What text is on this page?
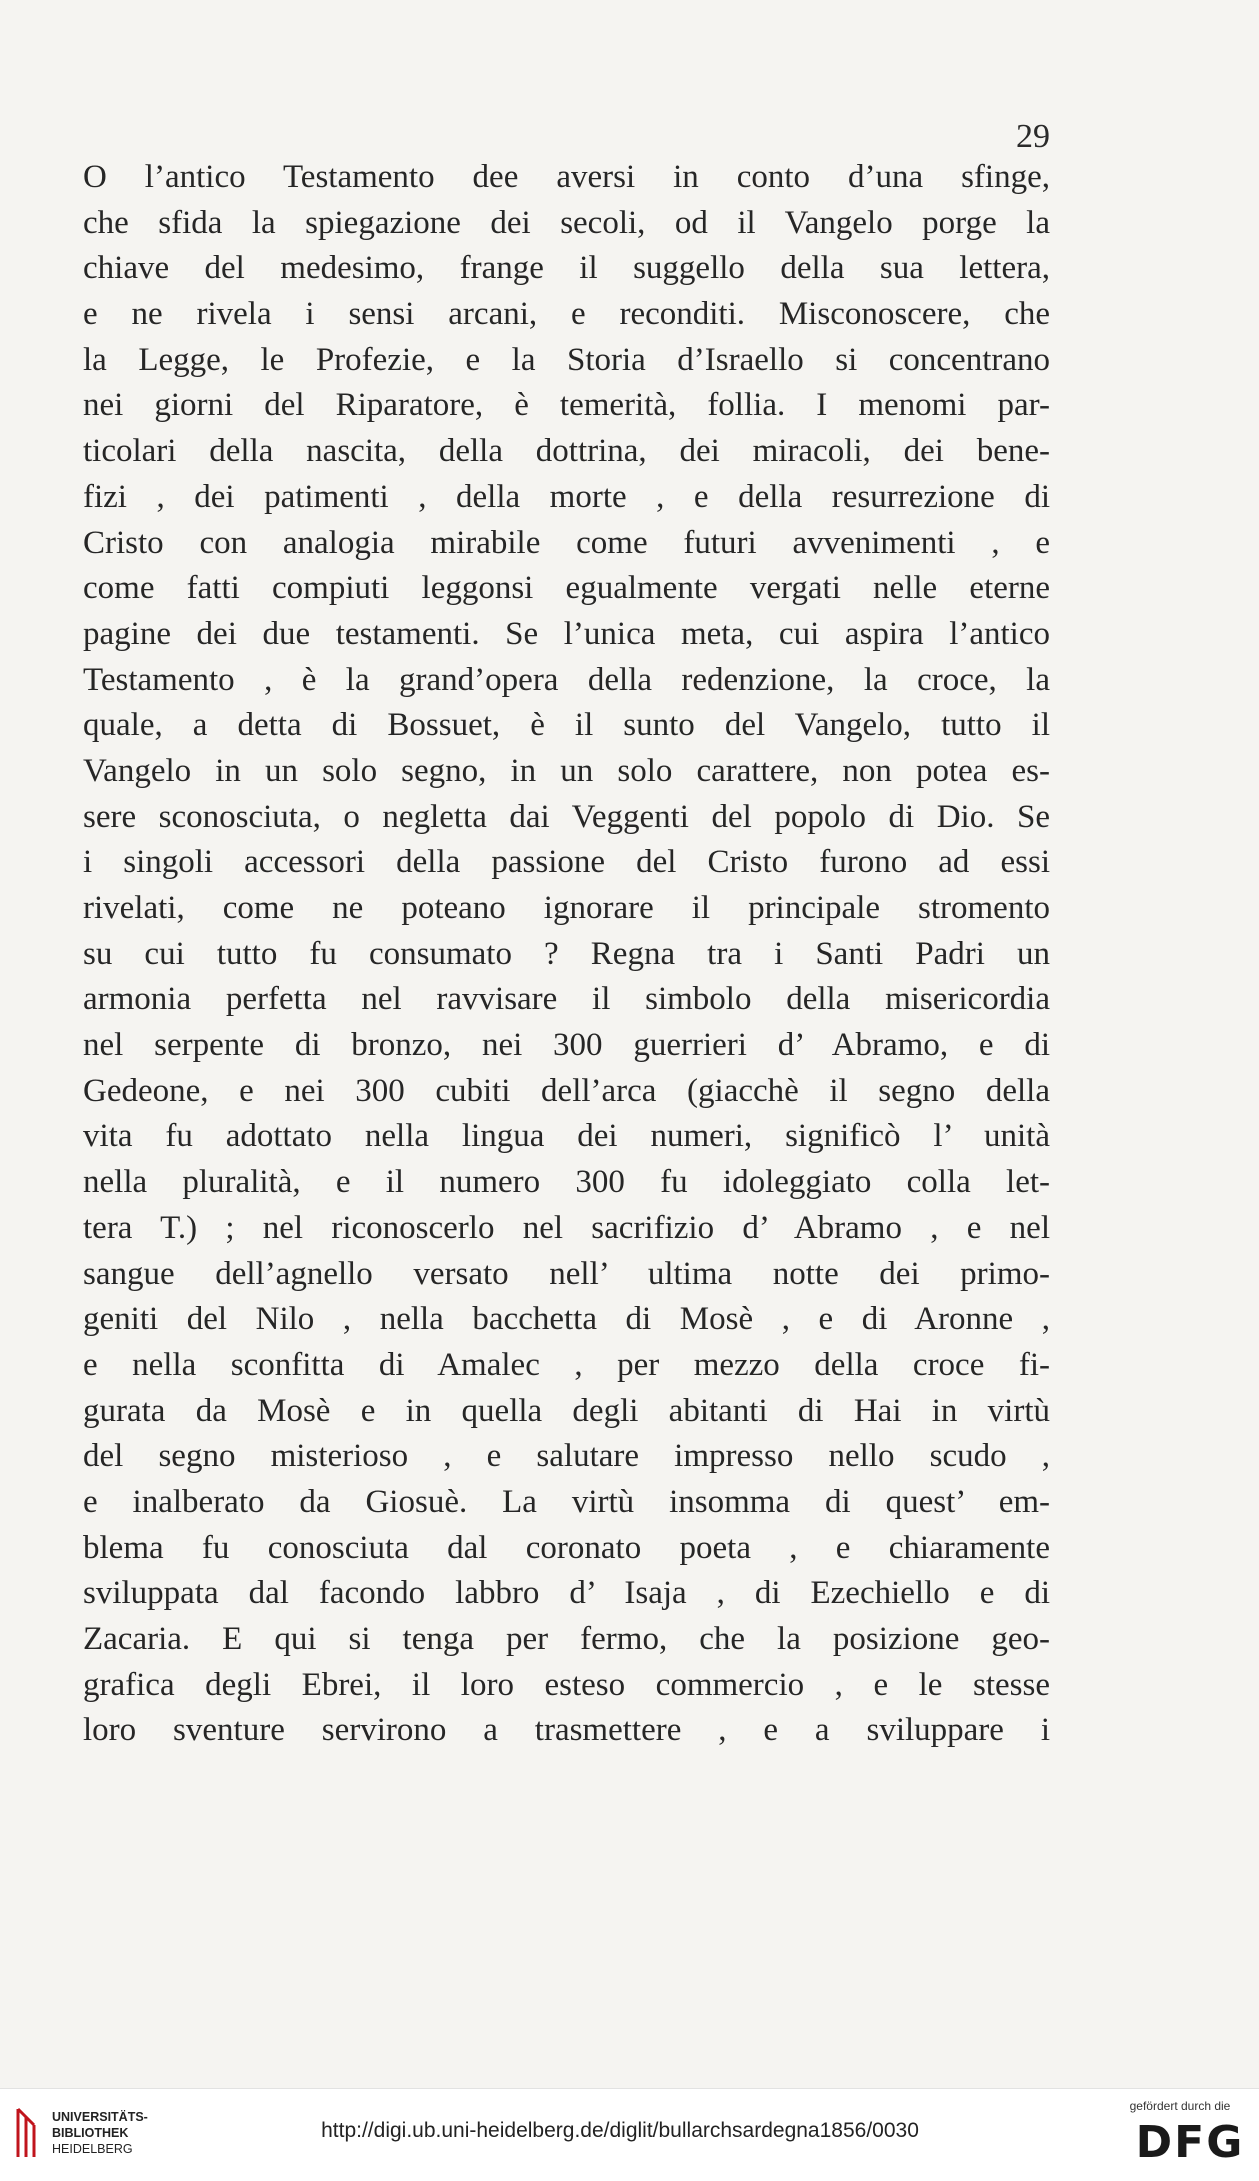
29
O l’antico Testamento dee aversi in conto d’una sfinge,
che sfida la spiegazione dei secoli, od il Vangelo porge la
chiave del medesimo, frange il suggello della sua lettera,
e ne rivela i sensi arcani, e reconditi. Misconoscere, che
la Legge, le Profezie, e la Storia d’Israello si concentrano
nei giorni del Riparatore, è temerità, follia. I menomi par-
ticolari della nascita, della dottrina, dei miracoli, dei bene-
fizi , dei patimenti , della morte , e della resurrezione di
Cristo con analogia mirabile come futuri avvenimenti , e
come fatti compiuti leggonsi egualmente vergati nelle eterne
pagine dei due testamenti. Se l’unica meta, cui aspira l’antico
Testamento , è la grand’opera della redenzione, la croce, la
quale, a detta di Bossuet, è il sunto del Vangelo, tutto il
Vangelo in un solo segno, in un solo carattere, non potea es-
sere sconosciuta, o negletta dai Veggenti del popolo di Dio. Se
i singoli accessori della passione del Cristo furono ad essi
rivelati, come ne poteano ignorare il principale stromento
su cui tutto fu consumato ? Regna tra i Santi Padri un
armonia perfetta nel ravvisare il simbolo della misericordia
nel serpente di bronzo, nei 300 guerrieri d’ Abramo, e di
Gedeone, e nei 300 cubiti dell’arca (giacchè il segno della
vita fu adottato nella lingua dei numeri, significò l’ unità
nella pluralità, e il numero 300 fu idoleggiato colla let-
tera T.) ; nel riconoscerlo nel sacrifizio d’ Abramo , e nel
sangue dell’agnello versato nell’ ultima notte dei primo-
geniti del Nilo , nella bacchetta di Mosè , e di Aronne ,
e nella sconfitta di Amalec , per mezzo della croce fi-
gurata da Mosè e in quella degli abitanti di Hai in virtù
del segno misterioso , e salutare impresso nello scudo ,
e inalberato da Giosuè. La virtù insomma di quest’ em-
blema fu conosciuta dal coronato poeta , e chiaramente
sviluppata dal facondo labbro d’ Isaja , di Ezechiello e di
Zacaria. E qui si tenga per fermo, che la posizione geo-
grafica degli Ebrei, il loro esteso commercio , e le stesse
loro sventure servirono a trasmettere , e a sviluppare i
UNIVERSITÄTS-
BIBLIOTHEK
HEIDELBERG
http://digi.ub.uni-heidelberg.de/diglit/bullarchsardegna1856/0030
gefördert durch die
DFG
